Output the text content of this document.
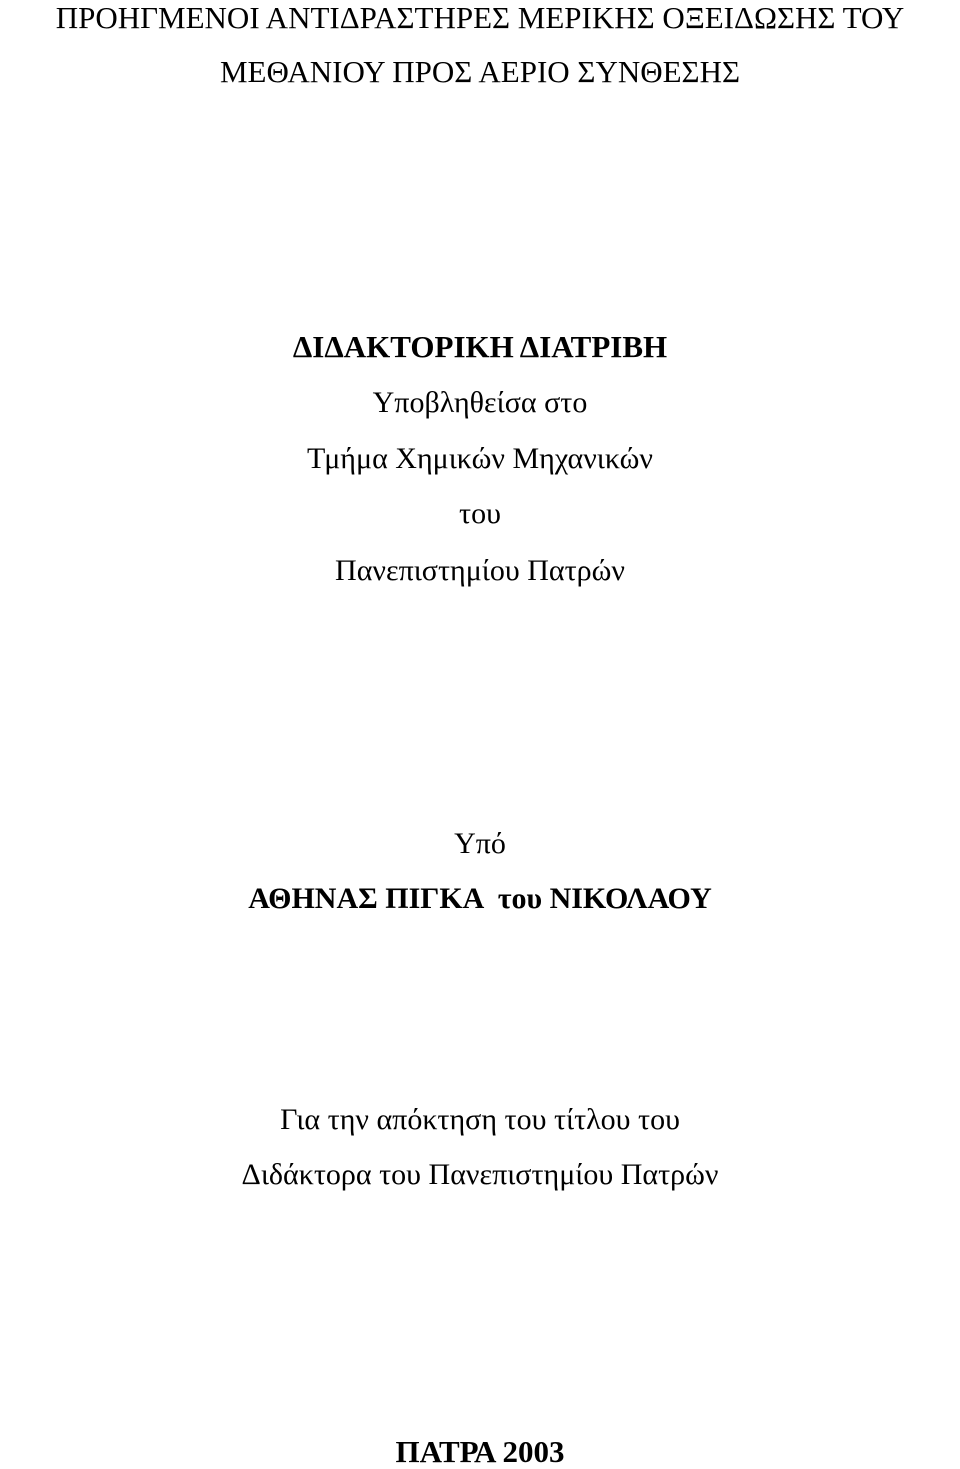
ΠΡΟΗΓΜΕΝΟΙ ΑΝΤΙΔΡΑΣΤΗΡΕΣ ΜΕΡΙΚΗΣ ΟΞΕΙΔΩΣΗΣ ΤΟΥ
ΜΕΘΑΝΙΟΥ ΠΡΟΣ ΑΕΡΙΟ ΣΥΝΘΕΣΗΣ
ΔΙΔΑΚΤΟΡΙΚΗ ΔΙΑΤΡΙΒΗ
Υποβληθείσα στο
Τμήμα Χημικών Μηχανικών
του
Πανεπιστημίου Πατρών
Υπό
ΑΘΗΝΑΣ ΠΙΓΚΑ  του ΝΙΚΟΛΑΟΥ
Για την απόκτηση του τίτλου του
Διδάκτορα του Πανεπιστημίου Πατρών
ΠΑΤΡΑ 2003
